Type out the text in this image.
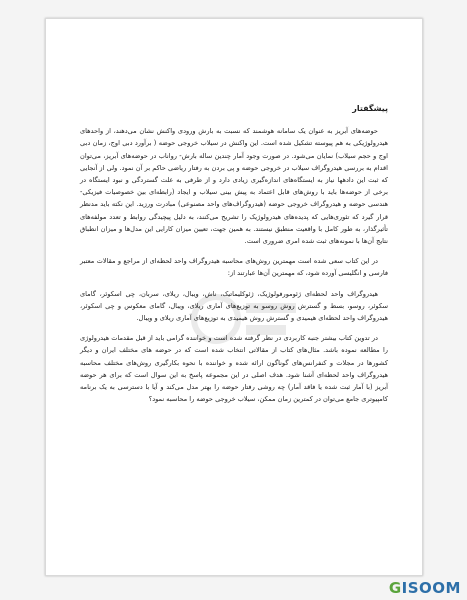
پیشگفتار

حوضه‌های آبریز به عنوان یک سامانه هوشمند که نسبت به بارش ورودی واکنش نشان می‌دهند، از واحدهای هیدرولوژیکی به هم پیوسته تشکیل شده است. این واکنش در سیلاب خروجی حوضه ( برآورد دبی اوج، زمان دبی اوج و حجم سیلاب) نمایان می‌شود. در صورت وجود آمار چندین ساله بارش- رواناب در حوضه‌های آبریز، می‌توان اقدام به بررسی هیدروگراف سیلاب در خروجی حوضه و پی بردن به رفتار ریاضی حاکم بر آن نمود. ولی از آنجایی که ثبت این دادهها نیاز به ایستگاه‌های اندازه‌گیری زیادی دارد و از طرفی به علت گستردگی و نبود ایستگاه در برخی از حوضه‌ها باید با روش‌های قابل اعتماد به پیش بینی سیلاب و ایجاد (رابطه‌ای بین خصوصیات فیزیکی- هندسی حوضه و هیدروگراف خروجی حوضه (هیدروگراف‌های واحد مصنوعی) مبادرت ورزید. این نکته باید مدنظر قرار گیرد که تئوری‌هایی که پدیده‌های هیدرولوژیک را تشریح می‌کنند، به دلیل پیچیدگی روابط و تعدد مولفه‌های تأثیرگذار، به طور کامل با واقعیت منطبق نیستند. به همین جهت، تعیین میزان کارایی این مدل‌ها و میزان انطباق نتایج آن‌ها با نمونه‌های ثبت شده امری ضروری است.

در این کتاب سعی شده است مهمترین روش‌های محاسبه هیدروگراف واحد لحظه‌ای از مراجع و مقالات معتبر فارسی و انگلیسی آورده شود، که مهمترین آن‌ها عبارتند از:

هیدروگراف واحد لحظه‌ای ژئومورفولوژیک، ژئوکلیماتیک، ناش، ویبال، ریلای، سربان، چی اسکوئر، گامای سکوئر، روسو، بسط و گسترش روش روسو به توزیع‌های آماری ریلای، ویبال، گامای معکوس و چی اسکوئر، هیدروگراف واحد لحظه‌ای هیمیدی و گسترش روش هیمیدی به توزیع‌های آماری ریلای و ویبال.

در تدوین کتاب بیشتر جنبه کاربردی در نظر گرفته شده است و خواننده گرامی باید از قبل مقدمات هیدرولوژی را مطالعه نموده باشد. مثال‌های کتاب از مقالاتی انتخاب شده است که در حوضه های مختلف ایران و دیگر کشورها در مجلات و کنفرانس‌های گوناگون ارائه شده و خواننده با نحوه بکارگیری روش‌های مختلف محاسبه هیدروگراف واحد لحظه‌ای آشنا شود. هدف اصلی در این مجموعه پاسخ به این سوال است که برای هر حوضه آبریز (با آمار ثبت شده یا فاقد آمار) چه روشی رفتار حوضه را بهتر مدل می‌کند و آیا با دسترسی به یک برنامه کامپیوتری جامع می‌توان در کمترین زمان ممکن، سیلاب خروجی حوضه را محاسبه نمود؟

G ISOOM
